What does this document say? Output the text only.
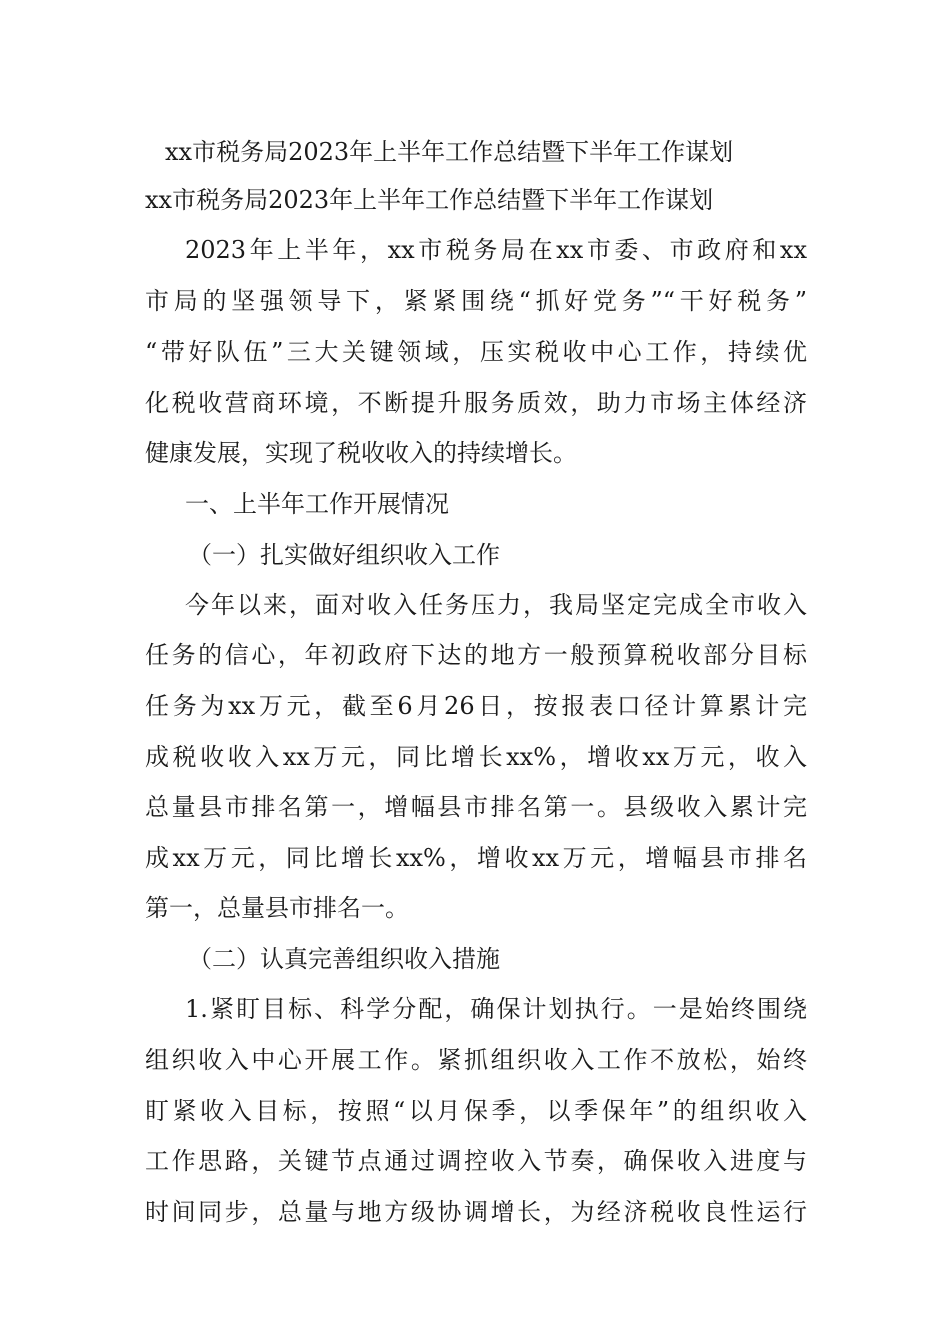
xx市税务局2023年上半年工作总结暨下半年工作谋划
xx市税务局2023年上半年工作总结暨下半年工作谋划
2023年上半年，xx市税务局在xx市委、市政府和xx
市局的坚强领导下，紧紧围绕“抓好党务”“干好税务”
“带好队伍”三大关键领域，压实税收中心工作，持续优
化税收营商环境，不断提升服务质效，助力市场主体经济
健康发展，实现了税收收入的持续增长。
一、上半年工作开展情况
（一）扎实做好组织收入工作
今年以来，面对收入任务压力，我局坚定完成全市收入
任务的信心，年初政府下达的地方一般预算税收部分目标
任务为xx万元，截至6月26日，按报表口径计算累计完
成税收收入xx万元，同比增长xx%，增收xx万元，收入
总量县市排名第一，增幅县市排名第一。县级收入累计完
成xx万元，同比增长xx%，增收xx万元，增幅县市排名
第一，总量县市排名一。
（二）认真完善组织收入措施
1.紧盯目标、科学分配，确保计划执行。一是始终围绕
组织收入中心开展工作。紧抓组织收入工作不放松，始终
盯紧收入目标，按照“以月保季，以季保年”的组织收入
工作思路，关键节点通过调控收入节奏，确保收入进度与
时间同步，总量与地方级协调增长，为经济税收良性运行
